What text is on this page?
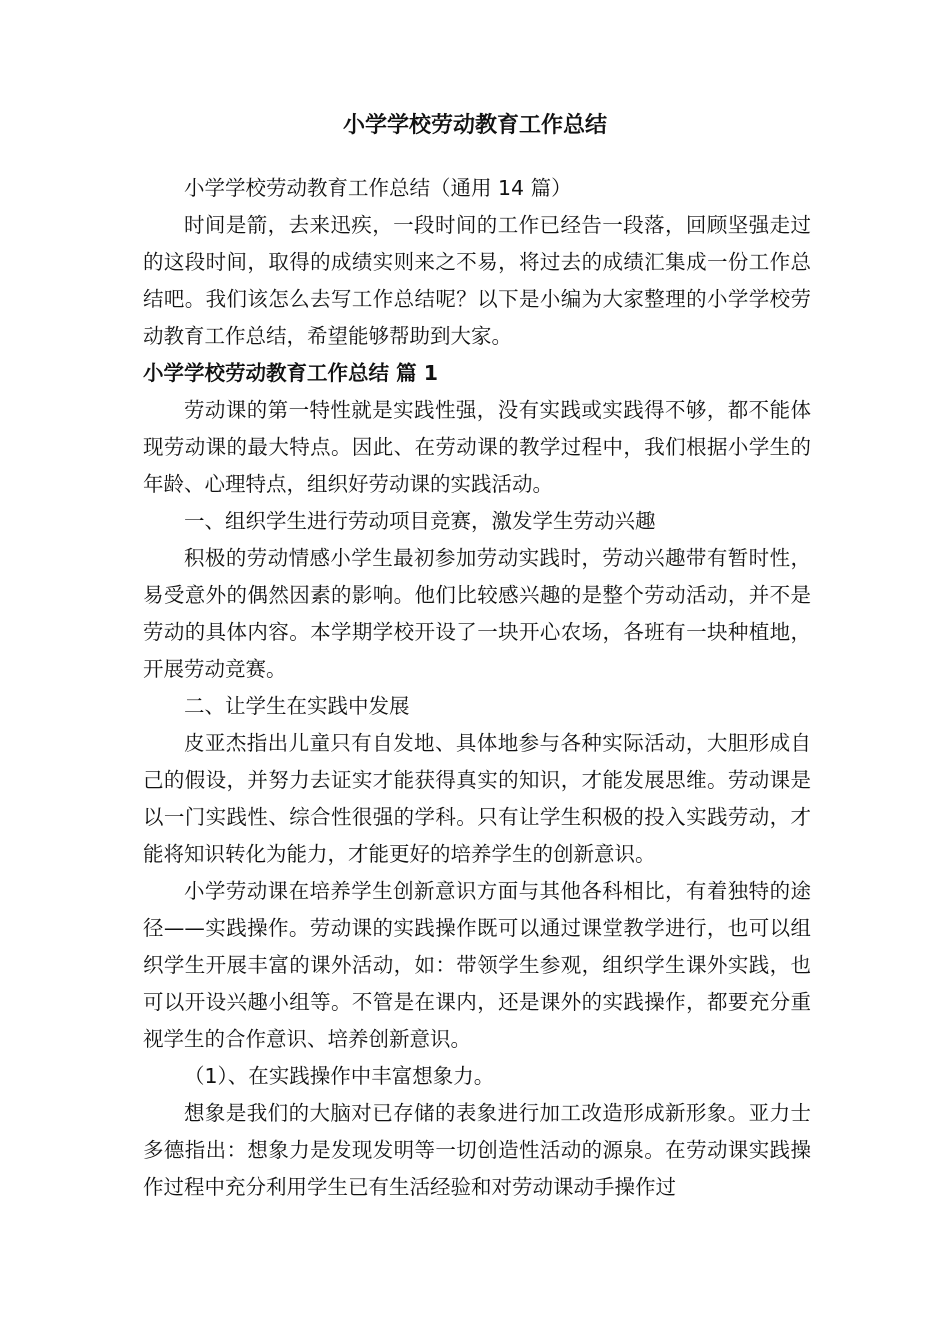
小学学校劳动教育工作总结

小学学校劳动教育工作总结（通用 14 篇）

时间是箭，去来迅疾，一段时间的工作已经告一段落，回顾坚强走过的这段时间，取得的成绩实则来之不易，将过去的成绩汇集成一份工作总结吧。我们该怎么去写工作总结呢？以下是小编为大家整理的小学学校劳动教育工作总结，希望能够帮助到大家。

小学学校劳动教育工作总结 篇 1

劳动课的第一特性就是实践性强，没有实践或实践得不够，都不能体现劳动课的最大特点。因此、在劳动课的教学过程中，我们根据小学生的年龄、心理特点，组织好劳动课的实践活动。

一、组织学生进行劳动项目竞赛，激发学生劳动兴趣

积极的劳动情感小学生最初参加劳动实践时，劳动兴趣带有暂时性，易受意外的偶然因素的影响。他们比较感兴趣的是整个劳动活动，并不是劳动的具体内容。本学期学校开设了一块开心农场，各班有一块种植地，开展劳动竞赛。

二、让学生在实践中发展

皮亚杰指出儿童只有自发地、具体地参与各种实际活动，大胆形成自己的假设，并努力去证实才能获得真实的知识，才能发展思维。劳动课是以一门实践性、综合性很强的学科。只有让学生积极的投入实践劳动，才能将知识转化为能力，才能更好的培养学生的创新意识。

小学劳动课在培养学生创新意识方面与其他各科相比，有着独特的途径——实践操作。劳动课的实践操作既可以通过课堂教学进行，也可以组织学生开展丰富的课外活动，如：带领学生参观，组织学生课外实践，也可以开设兴趣小组等。不管是在课内，还是课外的实践操作，都要充分重视学生的合作意识、培养创新意识。

（1）、在实践操作中丰富想象力。

想象是我们的大脑对已存储的表象进行加工改造形成新形象。亚力士多德指出：想象力是发现发明等一切创造性活动的源泉。在劳动课实践操作过程中充分利用学生已有生活经验和对劳动课动手操作过
